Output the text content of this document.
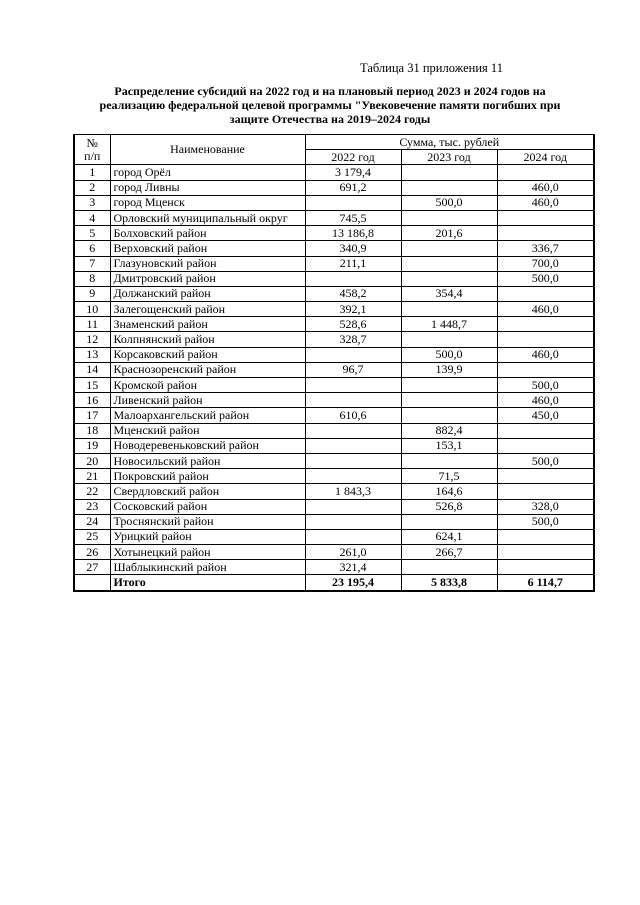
Таблица 31 приложения 11
Распределение субсидий на 2022 год и на плановый период 2023 и 2024 годов на
реализацию федеральной целевой программы "Увековечение памяти погибших при
защите Отечества на 2019–2024 годы
№
п/п	Наименование	Сумма, тыс. рублей		
		2022 год	2023 год	2024 год
1	город Орёл	3 179,4		
2	город Ливны	691,2		460,0
3	город Мценск		500,0	460,0
4	Орловский муниципальный округ	745,5		
5	Болховский район	13 186,8	201,6	
6	Верховский район	340,9		336,7
7	Глазуновский район	211,1		700,0
8	Дмитровский район			500,0
9	Должанский район	458,2	354,4	
10	Залегощенский район	392,1		460,0
11	Знаменский район	528,6	1 448,7	
12	Колпнянский район	328,7		
13	Корсаковский район		500,0	460,0
14	Краснозоренский район	96,7	139,9	
15	Кромской район			500,0
16	Ливенский район			460,0
17	Малоархангельский район	610,6		450,0
18	Мценский район		882,4	
19	Новодеревеньковский район		153,1	
20	Новосильский район			500,0
21	Покровский район		71,5	
22	Свердловский район	1 843,3	164,6	
23	Сосковский район		526,8	328,0
24	Троснянский район			500,0
25	Урицкий район		624,1	
26	Хотынецкий район	261,0	266,7	
27	Шаблыкинский район	321,4		
	Итого	23 195,4	5 833,8	6 114,7
